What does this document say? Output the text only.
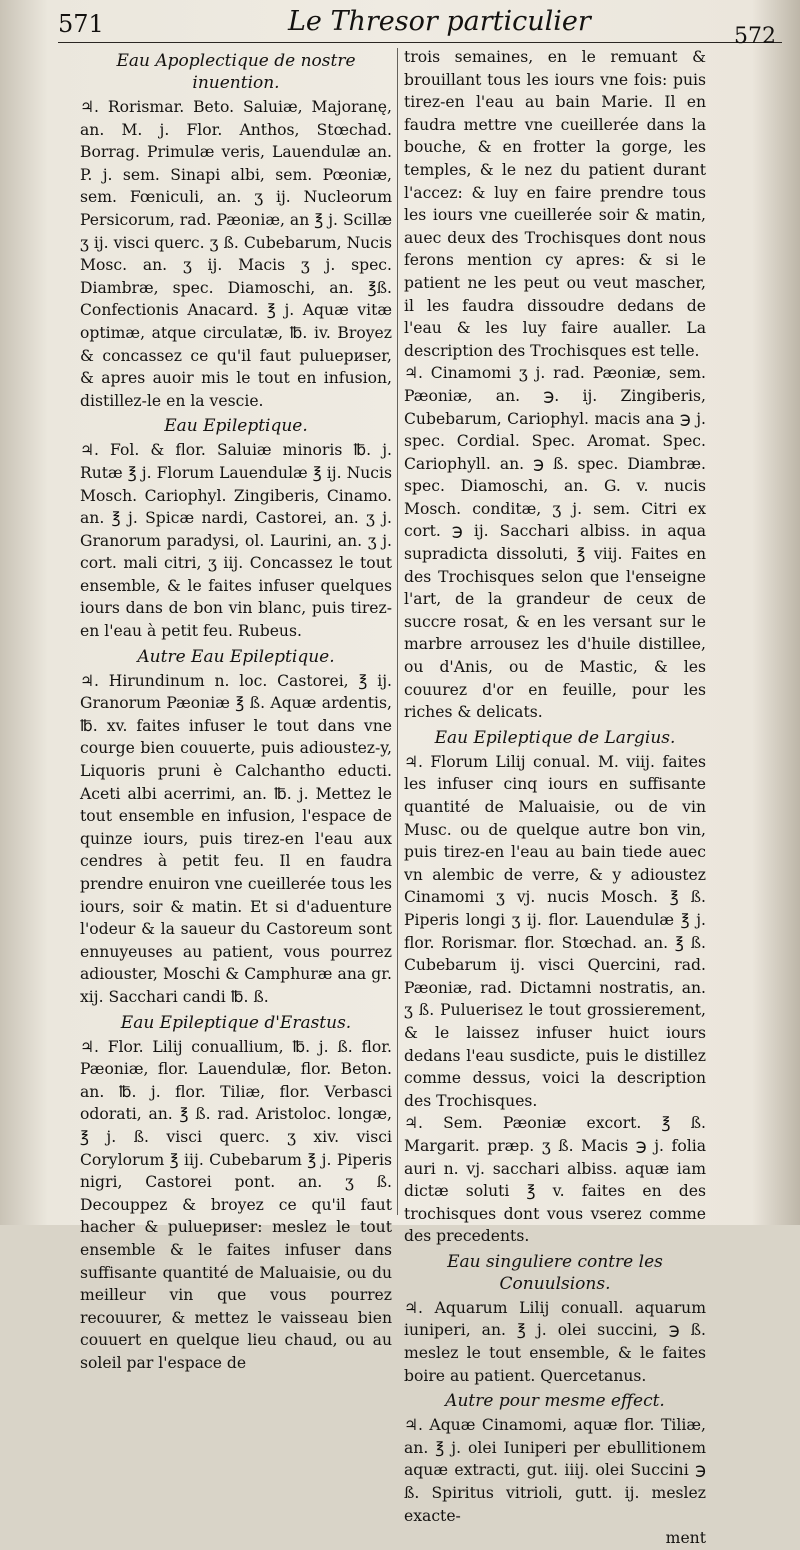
571	Le Thresor particulier	572
Eau Apoplectique de nostre inuention.

♃. Rorismar. Beto. Saluiæ, Majoranę, an. M. j. Flor. Anthos, Stœchad. Borrag. Primulæ veris, Lauendulæ an. P. j. sem. Sinapi albi, sem. Pœoniæ, sem. Fœniculi, an. ʒ ij. Nucleorum Persicorum, rad. Pæoniæ, an ℥ j. Scillæ ʒ ij. visci querc. ʒ ß. Cubebarum, Nucis Mosc. an. ʒ ij. Macis ʒ j. spec. Diambræ, spec. Diamoschi, an. ℥ß. Confectionis Anacard. ℥ j. Aquæ vitæ optimæ, atque circulatæ, ℔. iv. Broyez & concassez ce qu'il faut puluериser, & apres auoir mis le tout en infusion, distillez-le en la vescie.

Eau Epileptique.

♃. Fol. & flor. Saluiæ minoris ℔. j. Rutæ ℥ j. Florum Lauendulæ ℥ ij. Nucis Mosch. Cariophyl. Zingiberis, Cinamo. an. ℥ j. Spicæ nardi, Castorei, an. ʒ j. Granorum paradysi, ol. Laurini, an. ʒ j. cort. mali citri, ʒ iij. Concassez le tout ensemble, & le faites infuser quelques iours dans de bon vin blanc, puis tirez-en l'eau à petit feu. Rubeus.

Autre Eau Epileptique.

♃. Hirundinum n. loc. Castorei, ℥ ij. Granorum Pæoniæ ℥ ß. Aquæ ardentis, ℔. xv. faites infuser le tout dans vne courge bien couuerte, puis adioustez-y, Liquoris pruni è Calchantho educti. Aceti albi acerrimi, an. ℔. j. Mettez le tout ensemble en infusion, l'espace de quinze iours, puis tirez-en l'eau aux cendres à petit feu. Il en faudra prendre enuiron vne cueillerée tous les iours, soir & matin. Et si d'aduenture l'odeur & la saueur du Castoreum sont ennuyeuses au patient, vous pourrez adiouster, Moschi & Camphuræ ana gr. xij. Sacchari candi ℔. ß.

Eau Epileptique d'Erastus.

♃. Flor. Lilij conuallium, ℔. j. ß. flor. Pæoniæ, flor. Lauendulæ, flor. Beton. an. ℔. j. flor. Tiliæ, flor. Verbasci odorati, an. ℥ ß. rad. Aristoloc. longæ, ℥ j. ß. visci querc. ʒ xiv. visci Corylorum ℥ iij. Cubebarum ℥ j. Piperis nigri, Castorei pont. an. ʒ ß. Decouppez & broyez ce qu'il faut hacher & puluериser: meslez le tout ensemble & le faites infuser dans suffisante quantité de Maluaisie, ou du meilleur vin que vous pourrez recouurer, & mettez le vaisseau bien couuert en quelque lieu chaud, ou au soleil par l'espace de

trois semaines, en le remuant & brouillant tous les iours vne fois: puis tirez-en l'eau au bain Marie. Il en faudra mettre vne cueillerée dans la bouche, & en frotter la gorge, les temples, & le nez du patient durant l'accez: & luy en faire prendre tous les iours vne cueillerée soir & matin, auec deux des Trochisques dont nous ferons mention cy apres: & si le patient ne les peut ou veut mascher, il les faudra dissoudre dedans de l'eau & les luy faire aualler. La description des Trochisques est telle.

♃. Cinamomi ʒ j. rad. Pæoniæ, sem. Pæoniæ, an. ℈. ij. Zingiberis, Cubebarum, Cariophyl. macis ana ℈ j. spec. Cordial. Spec. Aromat. Spec. Cariophyll. an. ℈ ß. spec. Diambræ. spec. Diamoschi, an. G. v. nucis Mosch. conditæ, ʒ j. sem. Citri ex cort. ℈ ij. Sacchari albiss. in aqua supradicta dissoluti, ℥ viij. Faites en des Trochisques selon que l'enseigne l'art, de la grandeur de ceux de succre rosat, & en les versant sur le marbre arrousez les d'huile distillee, ou d'Anis, ou de Mastic, & les couurez d'or en feuille, pour les riches & delicats.

Eau Epileptique de Largius.

♃. Florum Lilij conual. M. viij. faites les infuser cinq iours en suffisante quantité de Maluaisie, ou de vin Musc. ou de quelque autre bon vin, puis tirez-en l'eau au bain tiede auec vn alembic de verre, & y adioustez Cinamomi ʒ vj. nucis Mosch. ℥ ß. Piperis longi ʒ ij. flor. Lauendulæ ℥ j. flor. Rorismar. flor. Stœchad. an. ℥ ß. Cubebarum ij. visci Quercini, rad. Pæoniæ, rad. Dictamni nostratis, an. ʒ ß. Puluerisez le tout grossierement, & le laissez infuser huict iours dedans l'eau susdicte, puis le distillez comme dessus, voici la description des Trochisques.

♃. Sem. Pæoniæ excort. ℥ ß. Margarit. præp. ʒ ß. Macis ℈ j. folia auri n. vj. sacchari albiss. aquæ iam dictæ soluti ℥ v. faites en des trochisques dont vous vserez comme des precedents.

Eau singuliere contre les Conuulsions.

♃. Aquarum Lilij conuall. aquarum iuniperi, an. ℥ j. olei succini, ℈ ß. meslez le tout ensemble, & le faites boire au patient. Quercetanus.

Autre pour mesme effect.

♃. Aquæ Cinamomi, aquæ flor. Tiliæ, an. ℥ j. olei Iuniperi per ebullitionem aquæ extracti, gut. iiij. olei Succini ℈ ß. Spiritus vitrioli, gutt. ij. meslez exacte-

ment
